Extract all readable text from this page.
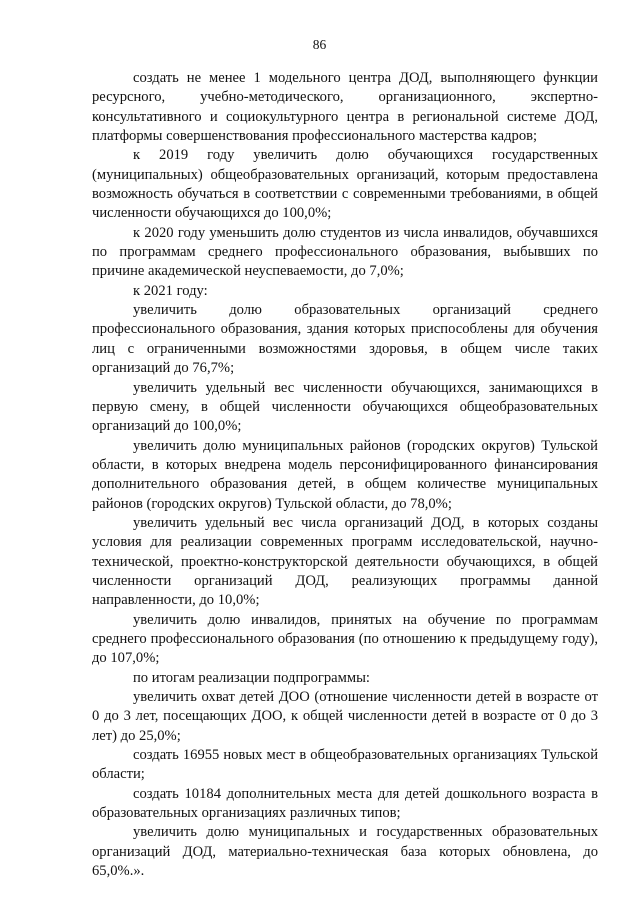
86

создать не менее 1 модельного центра ДОД, выполняющего функции ресурсного, учебно-методического, организационного, экспертно-консультативного и социокультурного центра в региональной системе ДОД, платформы совершенствования профессионального мастерства кадров;

к 2019 году увеличить долю обучающихся государственных (муниципальных) общеобразовательных организаций, которым предоставлена возможность обучаться в соответствии с современными требованиями, в общей численности обучающихся до 100,0%;

к 2020 году уменьшить долю студентов из числа инвалидов, обучавшихся по программам среднего профессионального образования, выбывших по причине академической неуспеваемости, до 7,0%;

к 2021 году:

увеличить долю образовательных организаций среднего профессионального образования, здания которых приспособлены для обучения лиц с ограниченными возможностями здоровья, в общем числе таких организаций до 76,7%;

увеличить удельный вес численности обучающихся, занимающихся в первую смену, в общей численности обучающихся общеобразовательных организаций до 100,0%;

увеличить долю муниципальных районов (городских округов) Тульской области, в которых внедрена модель персонифицированного финансирования дополнительного образования детей, в общем количестве муниципальных районов (городских округов) Тульской области, до 78,0%;

увеличить удельный вес числа организаций ДОД, в которых созданы условия для реализации современных программ исследовательской, научно-технической, проектно-конструкторской деятельности обучающихся, в общей численности организаций ДОД, реализующих программы данной направленности, до 10,0%;

увеличить долю инвалидов, принятых на обучение по программам среднего профессионального образования (по отношению к предыдущему году), до 107,0%;

по итогам реализации подпрограммы:

увеличить охват детей ДОО (отношение численности детей в возрасте от 0 до 3 лет, посещающих ДОО, к общей численности детей в возрасте от 0 до 3 лет) до 25,0%;

создать 16955 новых мест в общеобразовательных организациях Тульской области;

создать 10184 дополнительных места для детей дошкольного возраста в образовательных организациях различных типов;

увеличить долю муниципальных и государственных образовательных организаций ДОД, материально-техническая база которых обновлена, до 65,0%.».
